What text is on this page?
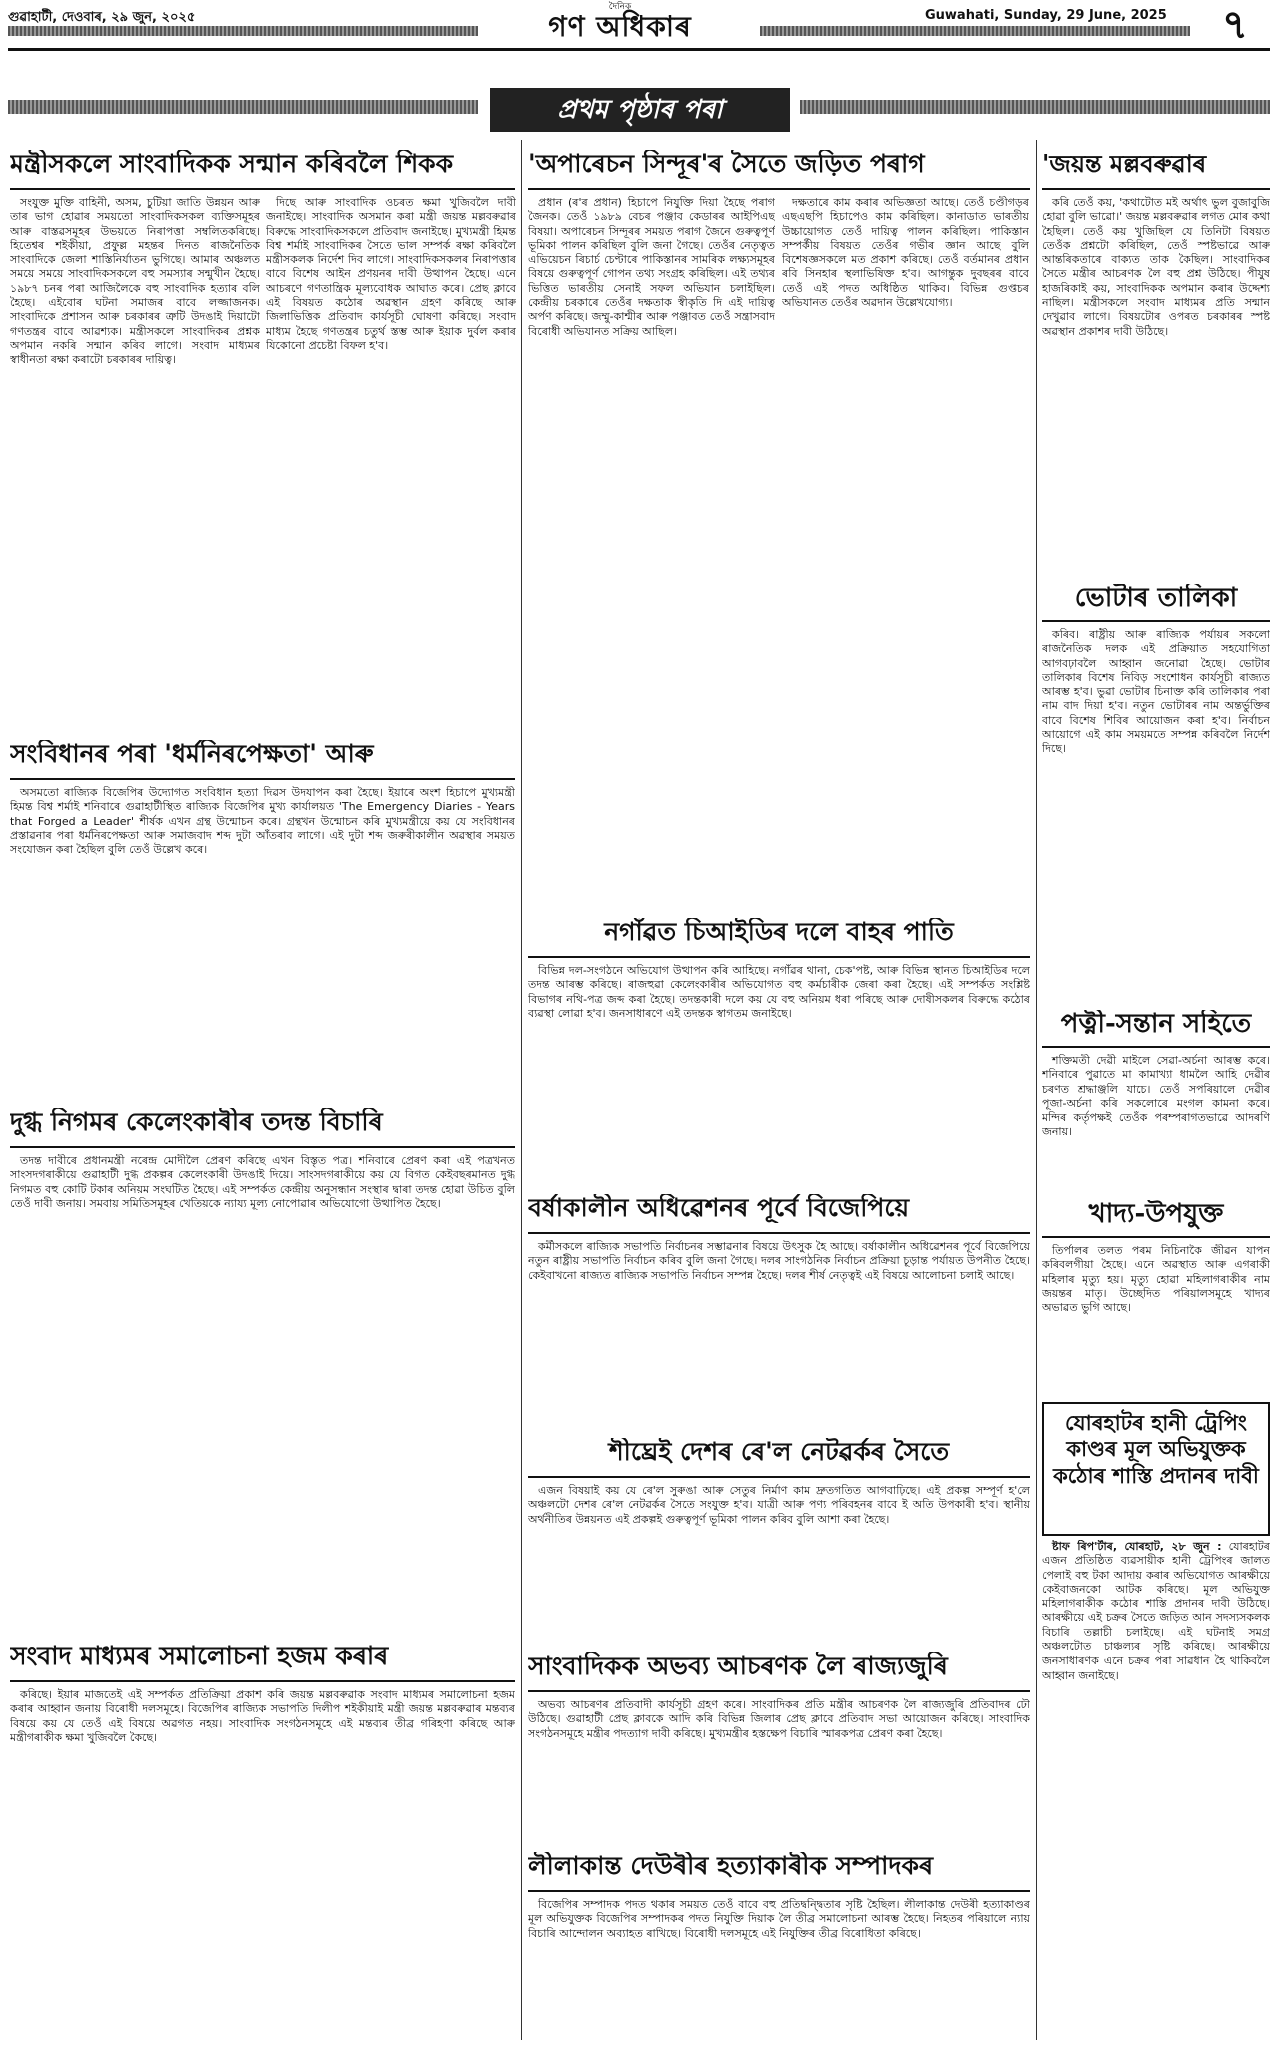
গুৱাহাটী, দেওবাৰ, ২৯ জুন, ২০২৫
দৈনিক
গণ অধিকাৰ	Guwahati, Sunday, 29 June, 2025	৭
প্ৰথম পৃষ্ঠাৰ পৰা
মন্ত্ৰীসকলে সাংবাদিকক সন্মান কৰিবলৈ শিকক

সংযুক্ত মুক্তি বাহিনী, অসম, চুটিয়া জাতি উন্নয়ন আৰু তাৰ ভাগ হোৱাৰ সময়তো সাংবাদিকসকল ব্যক্তিসমূহৰ আৰু বাস্তৱসমূহৰ উভয়তে নিৰাপত্তা সম্বলিতকৰিছে। হিতেশ্বৰ শইকীয়া, প্ৰফুল্ল মহন্তৰ দিনত ৰাজনৈতিক সাংবাদিকে জেলা শাস্তিনিৰ্যাতন ভুগিছে। আমাৰ অঞ্চলত সময়ে সময়ে সাংবাদিকসকলে বহু সমস্যাৰ সন্মুখীন হৈছে। ১৯৮৭ চনৰ পৰা আজিলৈকে বহু সাংবাদিক হত্যাৰ বলি হৈছে। এইবোৰ ঘটনা সমাজৰ বাবে লজ্জাজনক। সাংবাদিকে প্ৰশাসন আৰু চৰকাৰৰ ত্ৰুটি উদঙাই দিয়াটো গণতন্ত্ৰৰ বাবে আৱশ্যক। মন্ত্ৰীসকলে সাংবাদিকৰ প্ৰশ্নক অপমান নকৰি সন্মান কৰিব লাগে। সংবাদ মাধ্যমৰ স্বাধীনতা ৰক্ষা কৰাটো চৰকাৰৰ দায়িত্ব।

দিছে আৰু সাংবাদিক ওচৰত ক্ষমা খুজিবলৈ দাবী জনাইছে। সাংবাদিক অসমান কৰা মন্ত্ৰী জয়ন্ত মল্লবৰুৱাৰ বিৰুদ্ধে সাংবাদিকসকলে প্ৰতিবাদ জনাইছে। মুখ্যমন্ত্ৰী হিমন্ত বিশ্ব শৰ্মাই সাংবাদিকৰ সৈতে ভাল সম্পৰ্ক ৰক্ষা কৰিবলৈ মন্ত্ৰীসকলক নিৰ্দেশ দিব লাগে। সাংবাদিকসকলৰ নিৰাপত্তাৰ বাবে বিশেষ আইন প্ৰণয়নৰ দাবী উত্থাপন হৈছে। এনে আচৰণে গণতান্ত্ৰিক মূল্যবোধক আঘাত কৰে। প্ৰেছ ক্লাবে এই বিষয়ত কঠোৰ অৱস্থান গ্ৰহণ কৰিছে আৰু জিলাভিত্তিক প্ৰতিবাদ কাৰ্যসূচী ঘোষণা কৰিছে। সংবাদ মাধ্যম হৈছে গণতন্ত্ৰৰ চতুৰ্থ স্তম্ভ আৰু ইয়াক দুৰ্বল কৰাৰ যিকোনো প্ৰচেষ্টা বিফল হ'ব।

'অপাৰেচন সিন্দূৰ'ৰ সৈতে জড়িত পৰাগ

প্ৰধান (ৰ'ৰ প্ৰধান) হিচাপে নিযুক্তি দিয়া হৈছে পৰাগ জৈনক। তেওঁ ১৯৮৯ বেচৰ পঞ্জাব কেডাৰৰ আইপিএছ বিষয়া। অপাৰেচন সিন্দূৰৰ সময়ত পৰাগ জৈনে গুৰুত্বপূৰ্ণ ভূমিকা পালন কৰিছিল বুলি জনা গৈছে। তেওঁৰ নেতৃত্বত এভিয়েচন ৰিচাৰ্চ চেণ্টাৰে পাকিস্তানৰ সামৰিক লক্ষ্যসমূহৰ বিষয়ে গুৰুত্বপূৰ্ণ গোপন তথ্য সংগ্ৰহ কৰিছিল। এই তথ্যৰ ভিত্তিত ভাৰতীয় সেনাই সফল অভিযান চলাইছিল। কেন্দ্ৰীয় চৰকাৰে তেওঁৰ দক্ষতাক স্বীকৃতি দি এই দায়িত্ব অৰ্পণ কৰিছে। জম্মু-কাশ্মীৰ আৰু পঞ্জাবত তেওঁ সন্ত্ৰাসবাদ বিৰোধী অভিযানত সক্ৰিয় আছিল।

দক্ষতাৰে কাম কৰাৰ অভিজ্ঞতা আছে। তেওঁ চণ্ডীগড়ৰ এছএছপি হিচাপেও কাম কৰিছিল। কানাডাত ভাৰতীয় উচ্চায়োগত তেওঁ দায়িত্ব পালন কৰিছিল। পাকিস্তান সম্পৰ্কীয় বিষয়ত তেওঁৰ গভীৰ জ্ঞান আছে বুলি বিশেষজ্ঞসকলে মত প্ৰকাশ কৰিছে। তেওঁ বৰ্তমানৰ প্ৰধান ৰবি সিনহাৰ স্থলাভিষিক্ত হ'ব। আগন্তুক দুবছৰৰ বাবে তেওঁ এই পদত অধিষ্ঠিত থাকিব। বিভিন্ন গুপ্তচৰ অভিযানত তেওঁৰ অৱদান উল্লেখযোগ্য।

'জয়ন্ত মল্লবৰুৱাৰ

কৰি তেওঁ কয়, 'কথাটোত মই অৰ্থাৎ ভুল বুজাবুজি হোৱা বুলি ভাৱো।' জয়ন্ত মল্লবৰুৱাৰ লগত মোৰ কথা হৈছিল। তেওঁ কয় খুজিছিল যে তিনিটা বিষয়ত তেওঁক প্ৰশ্নটো কৰিছিল, তেওঁ স্পষ্টভাৱে আৰু আন্তৰিকতাৰে বাক্যত তাক কৈছিল। সাংবাদিকৰ সৈতে মন্ত্ৰীৰ আচৰণক লৈ বহু প্ৰশ্ন উঠিছে। পীযুষ হাজৰিকাই কয়, সাংবাদিকক অপমান কৰাৰ উদ্দেশ্য নাছিল। মন্ত্ৰীসকলে সংবাদ মাধ্যমৰ প্ৰতি সন্মান দেখুৱাব লাগে। বিষয়টোৰ ওপৰত চৰকাৰৰ স্পষ্ট অৱস্থান প্ৰকাশৰ দাবী উঠিছে।

ভোটাৰ তালিকা

কৰিব। ৰাষ্ট্ৰীয় আৰু ৰাজ্যিক পৰ্যায়ৰ সকলো ৰাজনৈতিক দলক এই প্ৰক্ৰিয়াত সহযোগিতা আগবঢ়াবলৈ আহ্বান জনোৱা হৈছে। ভোটাৰ তালিকাৰ বিশেষ নিবিড় সংশোধন কাৰ্যসূচী ৰাজ্যত আৰম্ভ হ'ব। ভুৱা ভোটাৰ চিনাক্ত কৰি তালিকাৰ পৰা নাম বাদ দিয়া হ'ব। নতুন ভোটাৰৰ নাম অন্তৰ্ভুক্তিৰ বাবে বিশেষ শিবিৰ আয়োজন কৰা হ'ব। নিৰ্বাচন আয়োগে এই কাম সময়মতে সম্পন্ন কৰিবলৈ নিৰ্দেশ দিছে।

সংবিধানৰ পৰা 'ধৰ্মনিৰপেক্ষতা' আৰু

অসমতো ৰাজ্যিক বিজেপিৰ উদ্যোগত সংবিধান হত্যা দিৱস উদযাপন কৰা হৈছে। ইয়াৰে অংশ হিচাপে মুখ্যমন্ত্ৰী হিমন্ত বিশ্ব শৰ্মাই শনিবাৰে গুৱাহাটীস্থিত ৰাজ্যিক বিজেপিৰ মুখ্য কাৰ্যালয়ত 'The Emergency Diaries - Years that Forged a Leader' শীৰ্ষক এখন গ্ৰন্থ উন্মোচন কৰে। গ্ৰন্থখন উন্মোচন কৰি মুখ্যমন্ত্ৰীয়ে কয় যে সংবিধানৰ প্ৰস্তাৱনাৰ পৰা ধৰ্মনিৰপেক্ষতা আৰু সমাজবাদ শব্দ দুটা আঁতৰাব লাগে। এই দুটা শব্দ জৰুৰীকালীন অৱস্থাৰ সময়ত সংযোজন কৰা হৈছিল বুলি তেওঁ উল্লেখ কৰে।

নগাঁৱত চিআইডিৰ দলে বাহৰ পাতি

বিভিন্ন দল-সংগঠনে অভিযোগ উত্থাপন কৰি আহিছে। নগাঁৱৰ থানা, চেক'পষ্ট, আৰু বিভিন্ন স্থানত চিআইডিৰ দলে তদন্ত আৰম্ভ কৰিছে। ৰাজহুৱা কেলেংকাৰীৰ অভিযোগত বহু কৰ্মচাৰীক জেৰা কৰা হৈছে। এই সম্পৰ্কত সংশ্লিষ্ট বিভাগৰ নথি-পত্ৰ জব্দ কৰা হৈছে। তদন্তকাৰী দলে কয় যে বহু অনিয়ম ধৰা পৰিছে আৰু দোষীসকলৰ বিৰুদ্ধে কঠোৰ ব্যৱস্থা লোৱা হ'ব। জনসাধাৰণে এই তদন্তক স্বাগতম জনাইছে।	পত্নী-সন্তান সহিতে

শক্তিমতী দেৱী মাইলে সেৱা-অৰ্চনা আৰম্ভ কৰে। শনিবাৰে পুৱাতে মা কামাখ্যা ধামলৈ আহি দেৱীৰ চৰণত শ্ৰদ্ধাঞ্জলি যাচে। তেওঁ সপৰিয়ালে দেৱীৰ পূজা-অৰ্চনা কৰি সকলোৰে মংগল কামনা কৰে। মন্দিৰ কৰ্তৃপক্ষই তেওঁক পৰম্পৰাগতভাৱে আদৰণি জনায়।

দুগ্ধ নিগমৰ কেলেংকাৰীৰ তদন্ত বিচাৰি

তদন্ত দাবীৰে প্ৰধানমন্ত্ৰী নৰেন্দ্ৰ মোদীলৈ প্ৰেৰণ কৰিছে এখন বিস্তৃত পত্ৰ। শনিবাৰে প্ৰেৰণ কৰা এই পত্ৰখনত সাংসদগৰাকীয়ে গুৱাহাটী দুগ্ধ প্ৰকল্পৰ কেলেংকাৰী উদঙাই দিয়ে। সাংসদগৰাকীয়ে কয় যে বিগত কেইবছৰমানত দুগ্ধ নিগমত বহু কোটি টকাৰ অনিয়ম সংঘটিত হৈছে। এই সম্পৰ্কত কেন্দ্ৰীয় অনুসন্ধান সংস্থাৰ দ্বাৰা তদন্ত হোৱা উচিত বুলি তেওঁ দাবী জনায়। সমবায় সমিতিসমূহৰ খেতিয়কে ন্যায্য মূল্য নোপোৱাৰ অভিযোগো উত্থাপিত হৈছে।	বৰ্ষাকালীন অধিৱেশনৰ পূৰ্বে বিজেপিয়ে

কৰ্মীসকলে ৰাজ্যিক সভাপতি নিৰ্বাচনৰ সম্ভাৱনাৰ বিষয়ে উৎসুক হৈ আছে। বৰ্ষাকালীন অধিৱেশনৰ পূৰ্বে বিজেপিয়ে নতুন ৰাষ্ট্ৰীয় সভাপতি নিৰ্বাচন কৰিব বুলি জনা গৈছে। দলৰ সাংগঠনিক নিৰ্বাচন প্ৰক্ৰিয়া চূড়ান্ত পৰ্যায়ত উপনীত হৈছে। কেইবাখনো ৰাজ্যত ৰাজ্যিক সভাপতি নিৰ্বাচন সম্পন্ন হৈছে। দলৰ শীৰ্ষ নেতৃত্বই এই বিষয়ে আলোচনা চলাই আছে।

খাদ্য-উপযুক্ত

তিৰ্পালৰ তলত পৰম নিচিনাকৈ জীৱন যাপন কৰিবলগীয়া হৈছে। এনে অৱস্থাত আৰু এগৰাকী মহিলাৰ মৃত্যু হয়। মৃত্যু হোৱা মহিলাগৰাকীৰ নাম জয়ন্তৰ মাতৃ। উচ্ছেদিত পৰিয়ালসমূহে খাদ্যৰ অভাৱত ভুগি আছে।

যোৰহাটৰ হানী ট্ৰেপিং কাণ্ডৰ মূল অভিযুক্তক কঠোৰ শাস্তি প্ৰদানৰ দাবী

ষ্টাফ ৰিপ'ৰ্টাৰ, যোৰহাট, ২৮ জুন : যোৰহাটৰ এজন প্ৰতিষ্ঠিত ব্যৱসায়ীক হানী ট্ৰেপিংৰ জালত পেলাই বহু টকা আদায় কৰাৰ অভিযোগত আৰক্ষীয়ে কেইবাজনকো আটক কৰিছে। মূল অভিযুক্ত মহিলাগৰাকীক কঠোৰ শাস্তি প্ৰদানৰ দাবী উঠিছে। আৰক্ষীয়ে এই চক্ৰৰ সৈতে জড়িত আন সদস্যসকলক বিচাৰি তল্লাচী চলাইছে। এই ঘটনাই সমগ্ৰ অঞ্চলটোত চাঞ্চল্যৰ সৃষ্টি কৰিছে। আৰক্ষীয়ে জনসাধাৰণক এনে চক্ৰৰ পৰা সাৱধান হৈ থাকিবলৈ আহ্বান জনাইছে।

শীঘ্ৰেই দেশৰ ৰে'ল নেটৱৰ্কৰ সৈতে

এজন বিষয়াই কয় যে ৰে'ল সুৰুঙা আৰু সেতুৰ নিৰ্মাণ কাম দ্ৰুতগতিত আগবাঢ়িছে। এই প্ৰকল্প সম্পূৰ্ণ হ'লে অঞ্চলটো দেশৰ ৰে'ল নেটৱৰ্কৰ সৈতে সংযুক্ত হ'ব। যাত্ৰী আৰু পণ্য পৰিবহনৰ বাবে ই অতি উপকাৰী হ'ব। স্থানীয় অৰ্থনীতিৰ উন্নয়নত এই প্ৰকল্পই গুৰুত্বপূৰ্ণ ভূমিকা পালন কৰিব বুলি আশা কৰা হৈছে।

সংবাদ মাধ্যমৰ সমালোচনা হজম কৰাৰ

কৰিছে। ইয়াৰ মাজতেই এই সম্পৰ্কত প্ৰতিক্ৰিয়া প্ৰকাশ কৰি জয়ন্ত মল্লবৰুৱাক সংবাদ মাধ্যমৰ সমালোচনা হজম কৰাৰ আহ্বান জনায় বিৰোধী দলসমূহে। বিজেপিৰ ৰাজ্যিক সভাপতি দিলীপ শইকীয়াই মন্ত্ৰী জয়ন্ত মল্লবৰুৱাৰ মন্তব্যৰ বিষয়ে কয় যে তেওঁ এই বিষয়ে অৱগত নহয়। সাংবাদিক সংগঠনসমূহে এই মন্তব্যৰ তীব্ৰ গৰিহণা কৰিছে আৰু মন্ত্ৰীগৰাকীক ক্ষমা খুজিবলৈ কৈছে।

সাংবাদিকক অভব্য আচৰণক লৈ ৰাজ্যজুৰি

অভব্য আচৰণৰ প্ৰতিবাদী কাৰ্যসূচী গ্ৰহণ কৰে। সাংবাদিকৰ প্ৰতি মন্ত্ৰীৰ আচৰণক লৈ ৰাজ্যজুৰি প্ৰতিবাদৰ ঢৌ উঠিছে। গুৱাহাটী প্ৰেছ ক্লাবকে আদি কৰি বিভিন্ন জিলাৰ প্ৰেছ ক্লাবে প্ৰতিবাদ সভা আয়োজন কৰিছে। সাংবাদিক সংগঠনসমূহে মন্ত্ৰীৰ পদত্যাগ দাবী কৰিছে। মুখ্যমন্ত্ৰীৰ হস্তক্ষেপ বিচাৰি স্মাৰকপত্ৰ প্ৰেৰণ কৰা হৈছে।

লীলাকান্ত দেউৰীৰ হত্যাকাৰীক সম্পাদকৰ

বিজেপিৰ সম্পাদক পদত থকাৰ সময়ত তেওঁ বাবে বহু প্ৰতিদ্বন্দ্বিতাৰ সৃষ্টি হৈছিল। লীলাকান্ত দেউৰী হত্যাকাণ্ডৰ মূল অভিযুক্তক বিজেপিৰ সম্পাদকৰ পদত নিযুক্তি দিয়াক লৈ তীব্ৰ সমালোচনা আৰম্ভ হৈছে। নিহতৰ পৰিয়ালে ন্যায় বিচাৰি আন্দোলন অব্যাহত ৰাখিছে। বিৰোধী দলসমূহে এই নিযুক্তিৰ তীব্ৰ বিৰোধিতা কৰিছে।
